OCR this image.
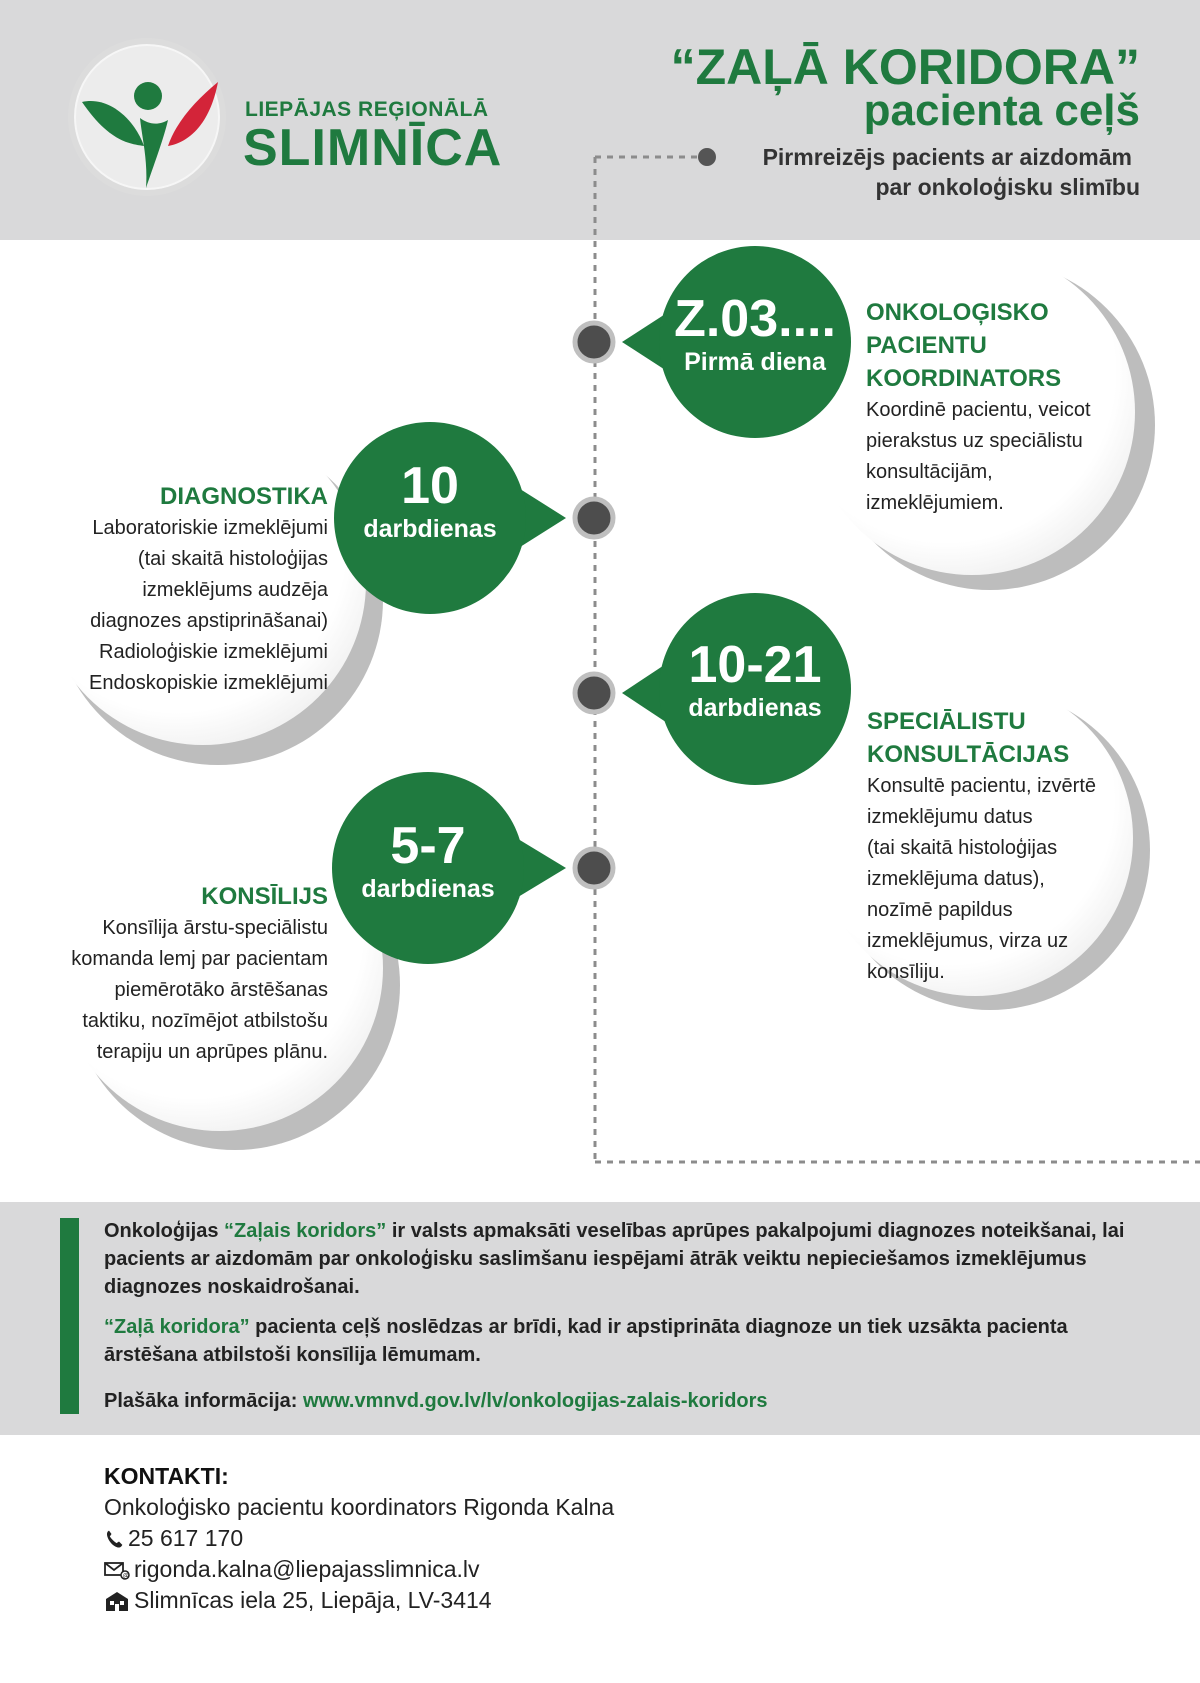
LIEPĀJAS REĢIONĀLĀ
SLIMNĪCA
“ZAĻĀ KORIDORA”
pacienta ceļš
Pirmreizējs pacients ar aizdomām
par onkoloģisku slimību
Z.03....
Pirmā diena
10
darbdienas
10-21
darbdienas
5-7
darbdienas
ONKOLOĢISKO
PACIENTU
KOORDINATORS
Koordinē pacientu, veicot
pierakstus uz speciālistu
konsultācijām,
izmeklējumiem.
DIAGNOSTIKA
Laboratoriskie izmeklējumi
(tai skaitā histoloģijas
izmeklējums audzēja
diagnozes apstiprināšanai)
Radioloģiskie izmeklējumi
Endoskopiskie izmeklējumi
SPECIĀLISTU
KONSULTĀCIJAS
Konsultē pacientu, izvērtē
izmeklējumu datus
(tai skaitā histoloģijas
izmeklējuma datus),
nozīmē papildus
izmeklējumus, virza uz
konsīliju.
KONSĪLIJS
Konsīlija ārstu-speciālistu
komanda lemj par pacientam
piemērotāko ārstēšanas
taktiku, nozīmējot atbilstošu
terapiju un aprūpes plānu.
Onkoloģijas “Zaļais koridors” ir valsts apmaksāti veselības aprūpes pakalpojumi diagnozes noteikšanai, lai pacients ar aizdomām par onkoloģisku saslimšanu iespējami ātrāk veiktu nepieciešamos izmeklējumus diagnozes noskaidrošanai.
“Zaļā koridora” pacienta ceļš noslēdzas ar brīdi, kad ir apstiprināta diagnoze un tiek uzsākta pacienta ārstēšana atbilstoši konsīlija lēmumam.
Plašāka informācija: www.vmnvd.gov.lv/lv/onkologijas-zalais-koridors
KONTAKTI:
Onkoloģisko pacientu koordinators Rigonda Kalna
25 617 170
@ rigonda.kalna@liepajasslimnica.lv
Slimnīcas iela 25, Liepāja, LV-3414
